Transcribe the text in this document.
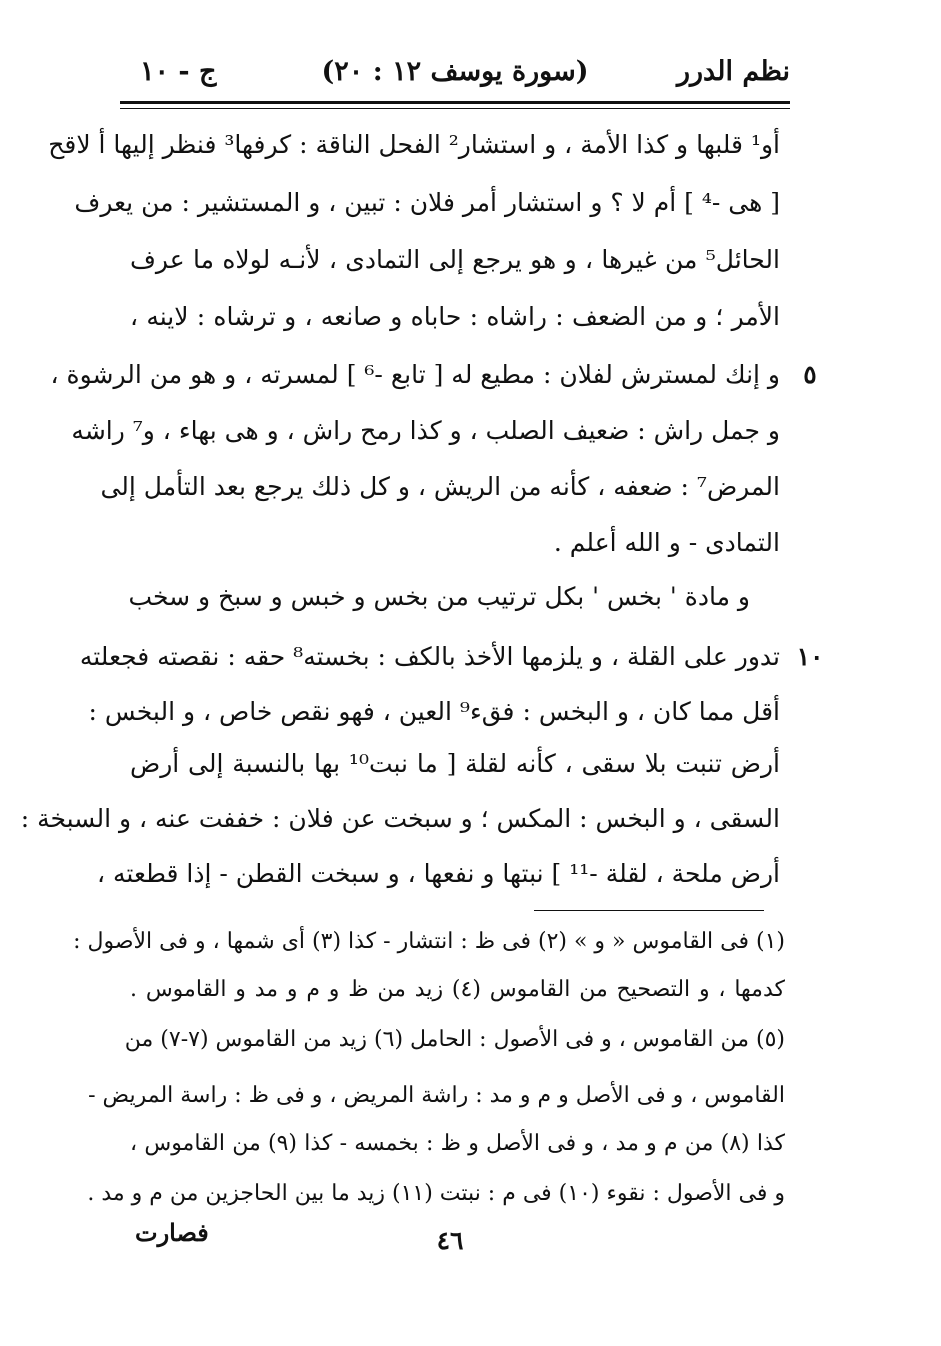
نظم الدرر
(سورة يوسف ١٢ : ٢٠)
ج - ١٠
أو¹ قلبها و كذا الأمة ، و استشار² الفحل الناقة : كرفها³ فنظر إليها أ لاقح
[ هى -⁴ ] أم لا ؟ و استشار أمر فلان : تبين ، و المستشير : من يعرف
الحائل⁵ من غيرها ، و هو يرجع إلى التمادى ، لأنـه لولاه ما عرف
الأمر ؛ و من الضعف : راشاه : حاباه و صانعه ، و ترشاه : لاينه ،
٥
و إنك لمسترش لفلان : مطيع له [ تابع -⁶ ] لمسرته ، و هو من الرشوة ،
و جمل راش : ضعيف الصلب ، و كذا رمح راش ، و هى بهاء ، و⁷ راشه
المرض⁷ : ضعفه ، كأنه من الريش ، و كل ذلك يرجع بعد التأمل إلى
التمادى - و الله أعلم .
و مادة ' بخس ' بكل ترتيب من بخس و خبس و سبخ و سخب
١٠
تدور على القلة ، و يلزمها الأخذ بالكف : بخسته⁸ حقه : نقصته فجعلته
أقل مما كان ، و البخس : فقء⁹ العين ، فهو نقص خاص ، و البخس :
أرض تنبت بلا سقى ، كأنه لقلة [ ما نبت¹⁰ بها بالنسبة إلى أرض
السقى ، و البخس : المكس ؛ و سبخت عن فلان : خففت عنه ، و السبخة :
أرض ملحة ، لقلة -¹¹ ] نبتها و نفعها ، و سبخت القطن - إذا قطعته ،
(١) فى القاموس « و » (٢) فى ظ : انتشار - كذا (٣) أى شمها ، و فى الأصول :
كدمها ، و التصحيح من القاموس (٤) زيد من ظ و م و مد و القاموس .
(٥) من القاموس ، و فى الأصول : الحامل (٦) زيد من القاموس (٧-٧) من
القاموس ، و فى الأصل و م و مد : راشة المريض ، و فى ظ : راسة المريض -
كذا (٨) من م و مد ، و فى الأصل و ظ : بخمسه - كذا (٩) من القاموس ،
و فى الأصول : نقوء (١٠) فى م : نبتت (١١) زيد ما بين الحاجزين من م و مد .
فصارت	٤٦
